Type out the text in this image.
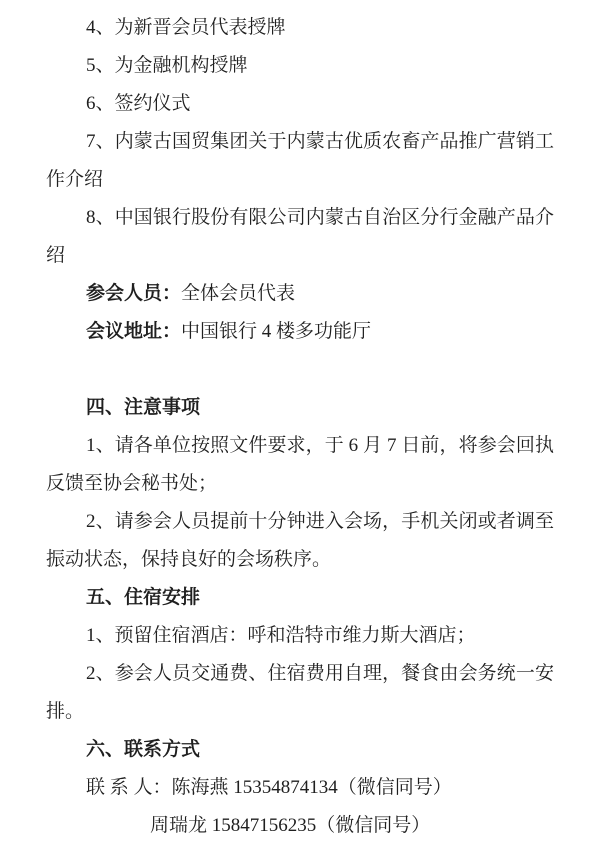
4、为新晋会员代表授牌

5、为金融机构授牌

6、签约仪式

7、内蒙古国贸集团关于内蒙古优质农畜产品推广营销工作介绍

8、中国银行股份有限公司内蒙古自治区分行金融产品介绍

参会人员：全体会员代表

会议地址：中国银行 4 楼多功能厅

四、注意事项

1、请各单位按照文件要求，于 6 月 7 日前，将参会回执反馈至协会秘书处；

2、请参会人员提前十分钟进入会场，手机关闭或者调至振动状态，保持良好的会场秩序。

五、住宿安排

1、预留住宿酒店：呼和浩特市维力斯大酒店；

2、参会人员交通费、住宿费用自理，餐食由会务统一安排。

六、联系方式

联 系 人：陈海燕 15354874134（微信同号）

周瑞龙 15847156235（微信同号）
